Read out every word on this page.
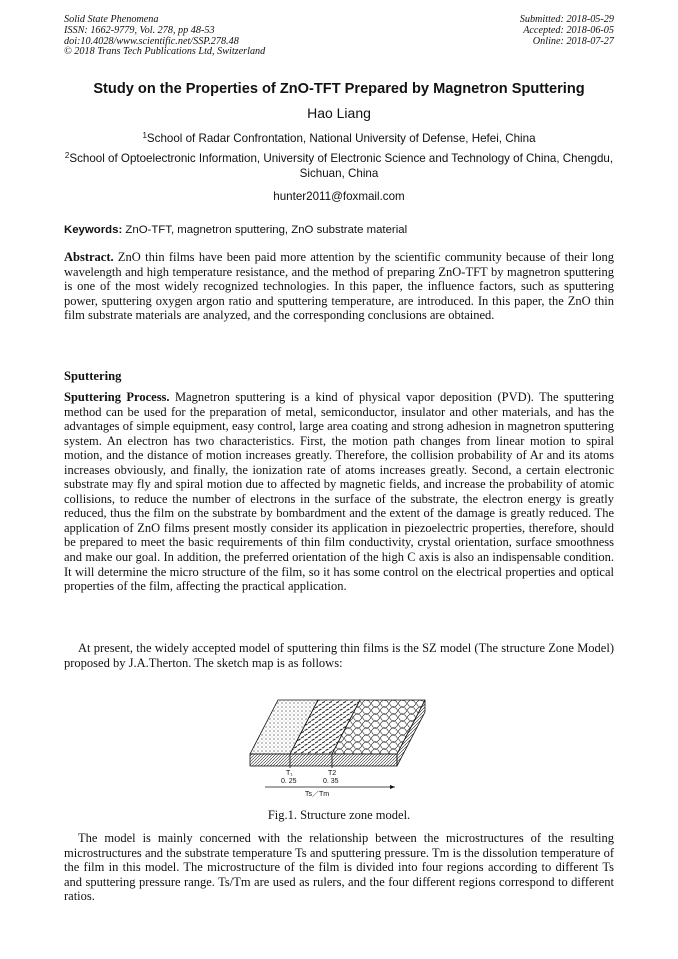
Solid State Phenomena
ISSN: 1662-9779, Vol. 278, pp 48-53
doi:10.4028/www.scientific.net/SSP.278.48
© 2018 Trans Tech Publications Ltd, Switzerland
Submitted: 2018-05-29
Accepted: 2018-06-05
Online: 2018-07-27
Study on the Properties of ZnO-TFT Prepared by Magnetron Sputtering
Hao Liang
$^1$School of Radar Confrontation, National University of Defense, Hefei, China
$^2$School of Optoelectronic Information, University of Electronic Science and Technology of China, Chengdu, Sichuan, China
hunter2011@foxmail.com
Keywords: ZnO-TFT, magnetron sputtering, ZnO substrate material
Abstract. ZnO thin films have been paid more attention by the scientific community because of their long wavelength and high temperature resistance, and the method of preparing ZnO-TFT by magnetron sputtering is one of the most widely recognized technologies. In this paper, the influence factors, such as sputtering power, sputtering oxygen argon ratio and sputtering temperature, are introduced. In this paper, the ZnO thin film substrate materials are analyzed, and the corresponding conclusions are obtained.
Sputtering
Sputtering Process. Magnetron sputtering is a kind of physical vapor deposition (PVD). The sputtering method can be used for the preparation of metal, semiconductor, insulator and other materials, and has the advantages of simple equipment, easy control, large area coating and strong adhesion in magnetron sputtering system. An electron has two characteristics. First, the motion path changes from linear motion to spiral motion, and the distance of motion increases greatly. Therefore, the collision probability of Ar and its atoms increases obviously, and finally, the ionization rate of atoms increases greatly. Second, a certain electronic substrate may fly and spiral motion due to affected by magnetic fields, and increase the probability of atomic collisions, to reduce the number of electrons in the surface of the substrate, the electron energy is greatly reduced, thus the film on the substrate by bombardment and the extent of the damage is greatly reduced. The application of ZnO films present mostly consider its application in piezoelectric properties, therefore, should be prepared to meet the basic requirements of thin film conductivity, crystal orientation, surface smoothness and make our goal. In addition, the preferred orientation of the high C axis is also an indispensable condition. It will determine the micro structure of the film, so it has some control on the electrical properties and optical properties of the film, affecting the practical application.
At present, the widely accepted model of sputtering thin films is the SZ model (The structure Zone Model) proposed by J.A.Therton. The sketch map is as follows:
T₁
0. 25
T2
0. 35
Ts／Tm
Fig.1. Structure zone model.
The model is mainly concerned with the relationship between the microstructures of the resulting microstructures and the substrate temperature Ts and sputtering pressure. Tm is the dissolution temperature of the film in this model. The microstructure of the film is divided into four regions according to different Ts and sputtering pressure range. Ts/Tm are used as rulers, and the four different regions correspond to different ratios.
